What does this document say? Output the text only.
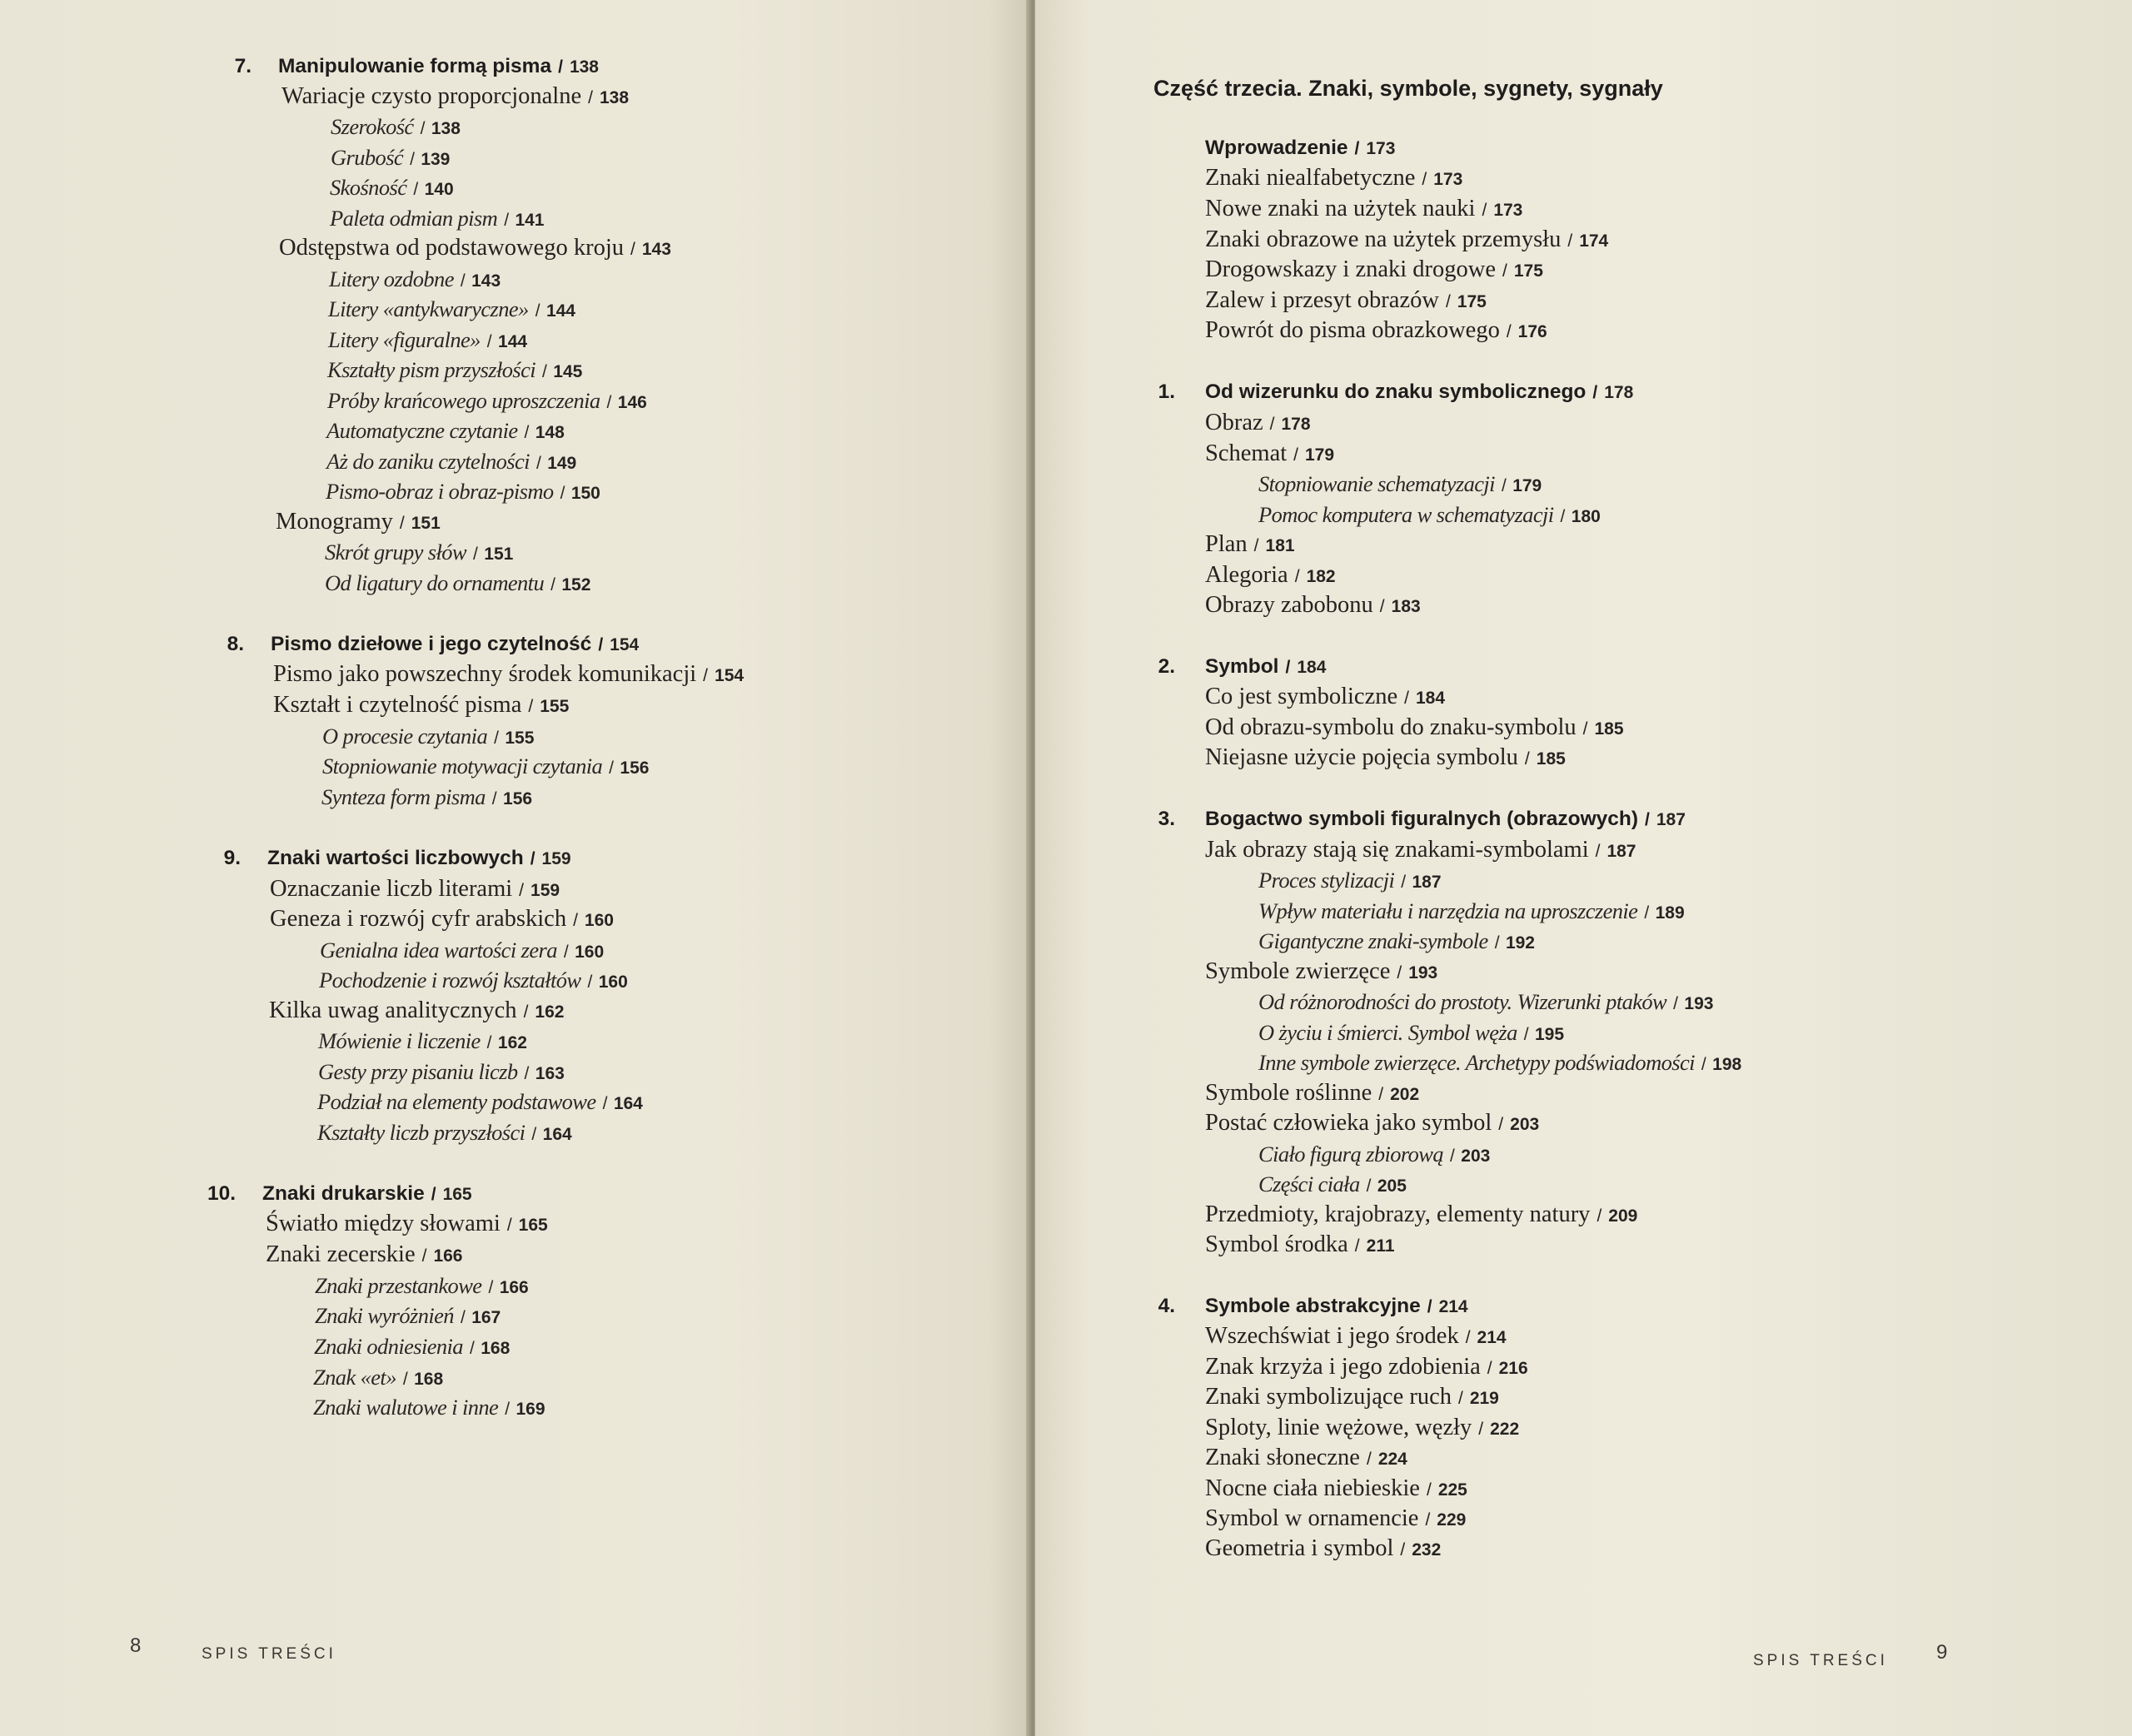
Manipulowanie formą pisma / 138
7.
Wariacje czysto proporcjonalne / 138
Szerokość / 138
Grubość / 139
Skośność / 140
Paleta odmian pism / 141
Odstępstwa od podstawowego kroju / 143
Litery ozdobne / 143
Litery «antykwaryczne» / 144
Litery «figuralne» / 144
Kształty pism przyszłości / 145
Próby krańcowego uproszczenia / 146
Automatyczne czytanie / 148
Aż do zaniku czytelności / 149
Pismo-obraz i obraz-pismo / 150
Monogramy / 151
Skrót grupy słów / 151
Od ligatury do ornamentu / 152
Pismo dziełowe i jego czytelność / 154
8.
Pismo jako powszechny środek komunikacji / 154
Kształt i czytelność pisma / 155
O procesie czytania / 155
Stopniowanie motywacji czytania / 156
Synteza form pisma / 156
Znaki wartości liczbowych / 159
9.
Oznaczanie liczb literami / 159
Geneza i rozwój cyfr arabskich / 160
Genialna idea wartości zera / 160
Pochodzenie i rozwój kształtów / 160
Kilka uwag analitycznych / 162
Mówienie i liczenie / 162
Gesty przy pisaniu liczb / 163
Podział na elementy podstawowe / 164
Kształty liczb przyszłości / 164
Znaki drukarskie / 165
10.
Światło między słowami / 165
Znaki zecerskie / 166
Znaki przestankowe / 166
Znaki wyróżnień / 167
Znaki odniesienia / 168
Znak «et» / 168
Znaki walutowe i inne / 169
8	SPIS TREŚCI
Część trzecia. Znaki, symbole, sygnety, sygnały
Wprowadzenie / 173
Znaki niealfabetyczne / 173
Nowe znaki na użytek nauki / 173
Znaki obrazowe na użytek przemysłu / 174
Drogowskazy i znaki drogowe / 175
Zalew i przesyt obrazów / 175
Powrót do pisma obrazkowego / 176
Od wizerunku do znaku symbolicznego / 178
1.
Obraz / 178
Schemat / 179
Stopniowanie schematyzacji / 179
Pomoc komputera w schematyzacji / 180
Plan / 181
Alegoria / 182
Obrazy zabobonu / 183
Symbol / 184
2.
Co jest symboliczne / 184
Od obrazu-symbolu do znaku-symbolu / 185
Niejasne użycie pojęcia symbolu / 185
Bogactwo symboli figuralnych (obrazowych) / 187
3.
Jak obrazy stają się znakami-symbolami / 187
Proces stylizacji / 187
Wpływ materiału i narzędzia na uproszczenie / 189
Gigantyczne znaki-symbole / 192
Symbole zwierzęce / 193
Od różnorodności do prostoty. Wizerunki ptaków / 193
O życiu i śmierci. Symbol węża / 195
Inne symbole zwierzęce. Archetypy podświadomości / 198
Symbole roślinne / 202
Postać człowieka jako symbol / 203
Ciało figurą zbiorową / 203
Części ciała / 205
Przedmioty, krajobrazy, elementy natury / 209
Symbol środka / 211
Symbole abstrakcyjne / 214
4.
Wszechświat i jego środek / 214
Znak krzyża i jego zdobienia / 216
Znaki symbolizujące ruch / 219
Sploty, linie wężowe, węzły / 222
Znaki słoneczne / 224
Nocne ciała niebieskie / 225
Symbol w ornamencie / 229
Geometria i symbol / 232
SPIS TREŚCI 9
